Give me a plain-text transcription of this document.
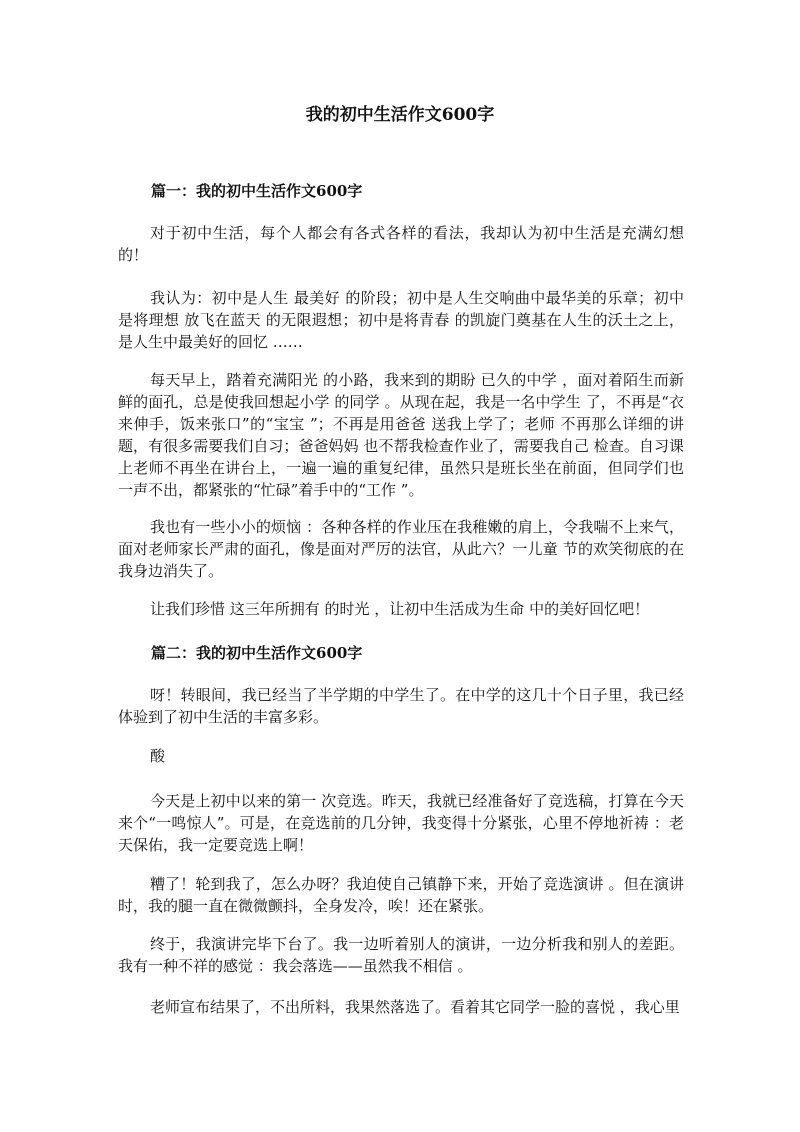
我的初中生活作文600字
篇一：我的初中生活作文600字

对于初中生活，每个人都会有各式各样的看法，我却认为初中生活是充满幻想 的！

我认为：初中是人生 最美好 的阶段；初中是人生交响曲中最华美的乐章；初中是将理想 放飞在蓝天 的无限遐想；初中是将青春 的凯旋门奠基在人生的沃土之上，是人生中最美好的回忆 ……

每天早上，踏着充满阳光 的小路，我来到的期盼 已久的中学 ，面对着陌生而新鲜的面孔，总是使我回想起小学 的同学 。从现在起，我是一名中学生 了，不再是“衣来伸手，饭来张口”的“宝宝 ”；不再是用爸爸 送我上学了；老师 不再那么详细的讲题，有很多需要我们自习；爸爸妈妈 也不帮我检查作业了，需要我自己 检查。自习课上老师不再坐在讲台上，一遍一遍的重复纪律，虽然只是班长坐在前面，但同学们也一声不出，都紧张的“忙碌”着手中的“工作 ”。

我也有一些小小的烦恼 ：各种各样的作业压在我稚嫩的肩上，令我喘不上来气，面对老师家长严肃的面孔，像是面对严厉的法官，从此六？一儿童 节的欢笑彻底的在我身边消失了。

让我们珍惜 这三年所拥有 的时光 ，让初中生活成为生命 中的美好回忆吧！

篇二：我的初中生活作文600字

呀！转眼间，我已经当了半学期的中学生了。在中学的这几十个日子里，我已经体验到了初中生活的丰富多彩。

酸

今天是上初中以来的第一 次竞选。昨天，我就已经准备好了竞选稿，打算在今天来个“一鸣惊人”。可是，在竞选前的几分钟，我变得十分紧张，心里不停地祈祷 ：老天保佑，我一定要竞选上啊！

糟了！轮到我了，怎么办呀？我迫使自己镇静下来，开始了竞选演讲 。但在演讲时，我的腿一直在微微颤抖，全身发冷，唉！还在紧张。

终于，我演讲完毕下台了。我一边听着别人的演讲，一边分析我和别人的差距。我有一种不祥的感觉 ：我会落选——虽然我不相信 。

老师宣布结果了，不出所料，我果然落选了。看着其它同学一脸的喜悦 ，我心里
